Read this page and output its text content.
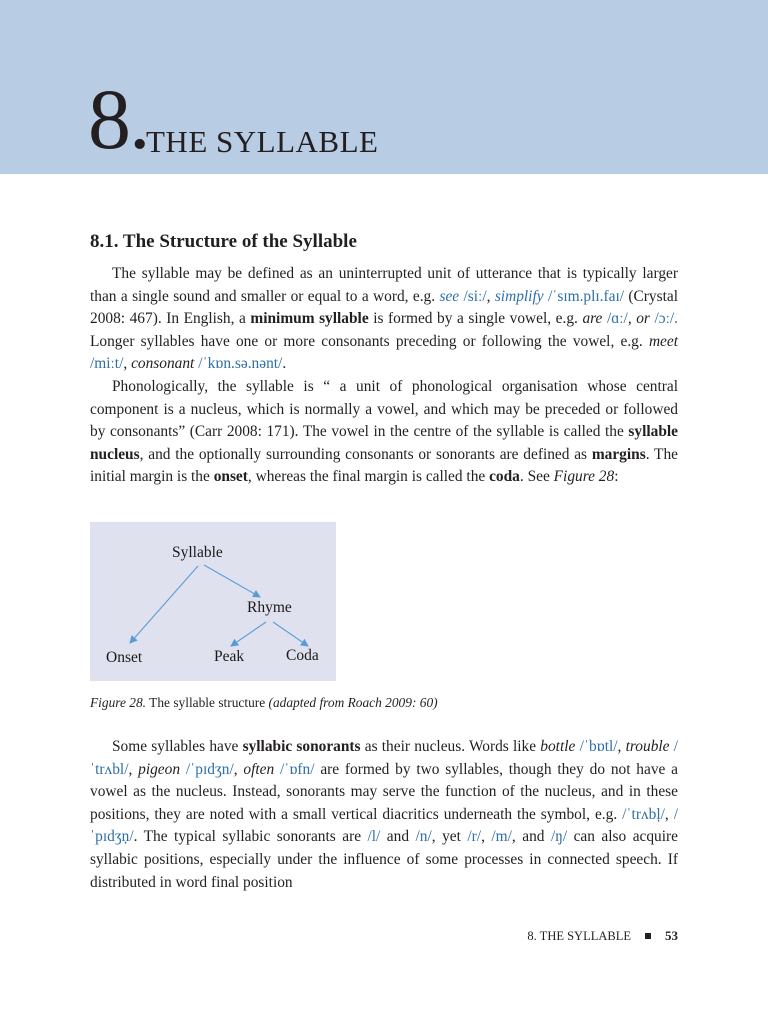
8.
THE SYLLABLE
8.1. The Structure of the Syllable

The syllable may be defined as an uninterrupted unit of utterance that is typically larger than a single sound and smaller or equal to a word, e.g. see /siː/, simplify /ˈsɪm.plɪ.faɪ/ (Crystal 2008: 467). In English, a minimum syllable is formed by a single vowel, e.g. are /ɑː/, or /ɔː/. Longer syllables have one or more consonants preceding or following the vowel, e.g. meet /miːt/, consonant /ˈkɒn.sə.nənt/.

Phonologically, the syllable is “ a unit of phonological organisation whose central component is a nucleus, which is normally a vowel, and which may be preceded or followed by consonants” (Carr 2008: 171). The vowel in the centre of the syllable is called the syllable nucleus, and the optionally surrounding consonants or sonorants are defined as margins. The initial margin is the onset, whereas the final margin is called the coda. See Figure 28:

Syllable
Rhyme
Onset	Peak	Coda
Figure 28. The syllable structure (adapted from Roach 2009: 60)

Some syllables have syllabic sonorants as their nucleus. Words like bottle /ˈbɒtl/, trouble /ˈtrʌbl/, pigeon /ˈpɪdʒn/, often /ˈɒfn/ are formed by two syllables, though they do not have a vowel as the nucleus. Instead, sonorants may serve the function of the nucleus, and in these positions, they are noted with a small vertical diacritics underneath the symbol, e.g. /ˈtrʌbļ/, /ˈpɪdʒņ/. The typical syllabic sonorants are /l/ and /n/, yet /r/, /m/, and /ŋ/ can also acquire syllabic positions, especially under the influence of some processes in connected speech. If distributed in word final position

8. THE SYLLABLE	53
